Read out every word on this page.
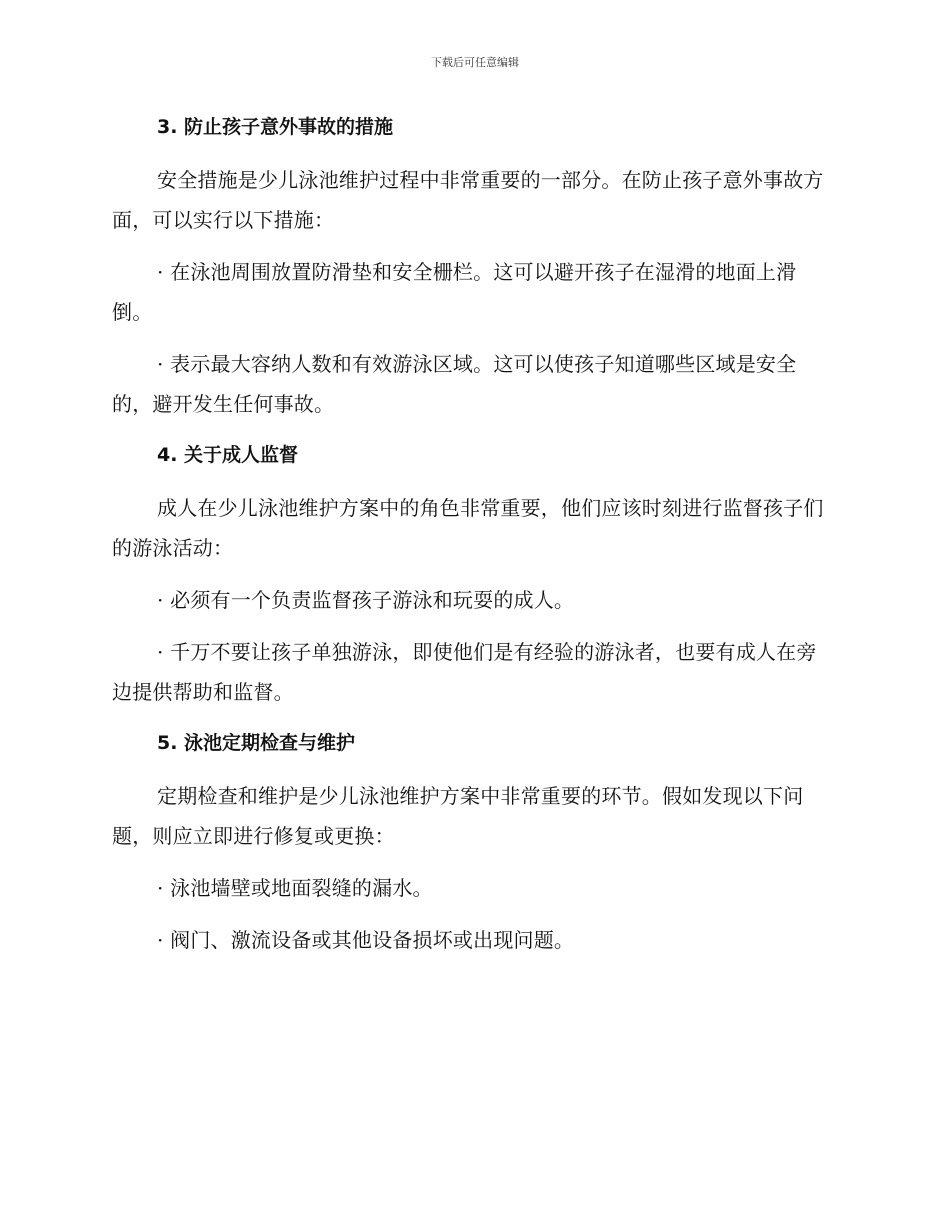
下载后可任意编辑
3. 防止孩子意外事故的措施

安全措施是少儿泳池维护过程中非常重要的一部分。在防止孩子意外事故方面，可以实行以下措施：

· 在泳池周围放置防滑垫和安全栅栏。这可以避开孩子在湿滑的地面上滑倒。

· 表示最大容纳人数和有效游泳区域。这可以使孩子知道哪些区域是安全的，避开发生任何事故。

4. 关于成人监督

成人在少儿泳池维护方案中的角色非常重要，他们应该时刻进行监督孩子们的游泳活动：

· 必须有一个负责监督孩子游泳和玩耍的成人。

· 千万不要让孩子单独游泳，即使他们是有经验的游泳者，也要有成人在旁边提供帮助和监督。

5. 泳池定期检查与维护

定期检查和维护是少儿泳池维护方案中非常重要的环节。假如发现以下问题，则应立即进行修复或更换：

· 泳池墙壁或地面裂缝的漏水。

· 阀门、激流设备或其他设备损坏或出现问题。
